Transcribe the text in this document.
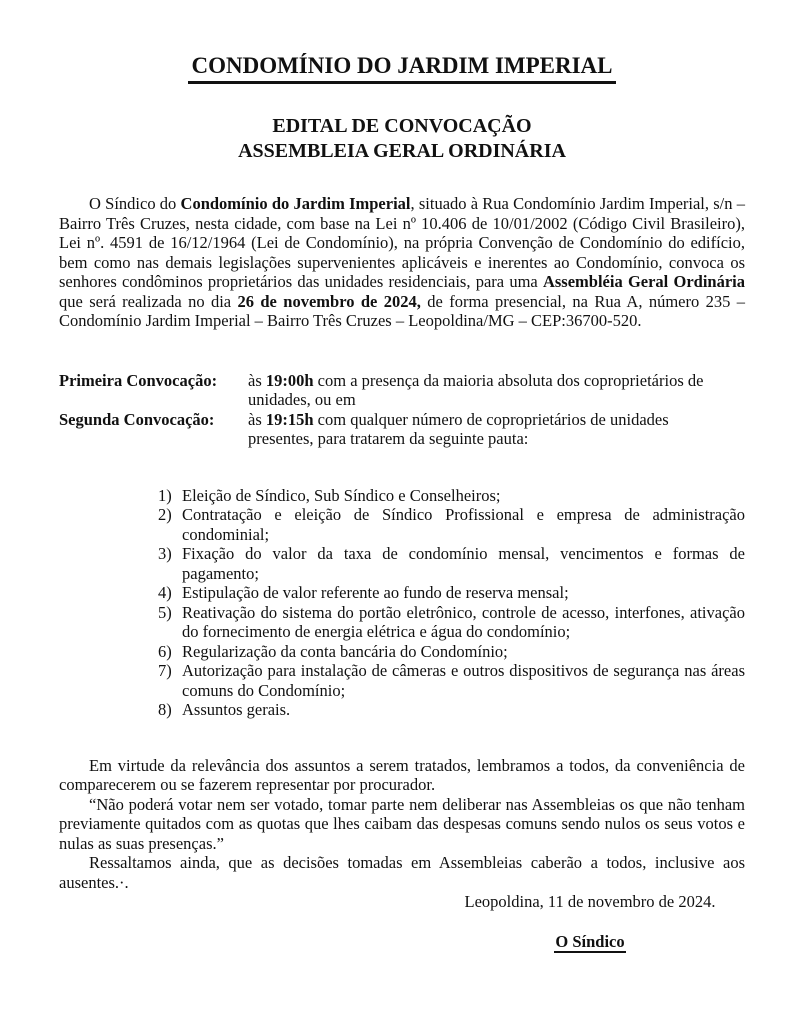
CONDOMÍNIO DO JARDIM IMPERIAL
EDITAL DE CONVOCAÇÃO
ASSEMBLEIA GERAL ORDINÁRIA

O Síndico do Condomínio do Jardim Imperial, situado à Rua Condomínio Jardim Imperial, s/n – Bairro Três Cruzes, nesta cidade, com base na Lei nº 10.406 de 10/01/2002 (Código Civil Brasileiro), Lei nº. 4591 de 16/12/1964 (Lei de Condomínio), na própria Convenção de Condomínio do edifício, bem como nas demais legislações supervenientes aplicáveis e inerentes ao Condomínio, convoca os senhores condôminos proprietários das unidades residenciais, para uma Assembléia Geral Ordinária que será realizada no dia 26 de novembro de 2024, de forma presencial, na Rua A, número 235 – Condomínio Jardim Imperial – Bairro Três Cruzes – Leopoldina/MG – CEP:36700-520.

Primeira Convocação:	às 19:00h com a presença da maioria absoluta dos coproprietários de unidades, ou em
Segunda Convocação:	às 19:15h com qualquer número de coproprietários de unidades presentes, para tratarem da seguinte pauta:
1) Eleição de Síndico, Sub Síndico e Conselheiros;
2) Contratação e eleição de Síndico Profissional e empresa de administração condominial;
3) Fixação do valor da taxa de condomínio mensal, vencimentos e formas de pagamento;
4) Estipulação de valor referente ao fundo de reserva mensal;
5) Reativação do sistema do portão eletrônico, controle de acesso, interfones, ativação do fornecimento de energia elétrica e água do condomínio;
6) Regularização da conta bancária do Condomínio;
7) Autorização para instalação de câmeras e outros dispositivos de segurança nas áreas comuns do Condomínio;
8) Assuntos gerais.

Em virtude da relevância dos assuntos a serem tratados, lembramos a todos, da conveniência de comparecerem ou se fazerem representar por procurador.

“Não poderá votar nem ser votado, tomar parte nem deliberar nas Assembleias os que não tenham previamente quitados com as quotas que lhes caibam das despesas comuns sendo nulos os seus votos e nulas as suas presenças.”

Ressaltamos ainda, que as decisões tomadas em Assembleias caberão a todos, inclusive aos ausentes.·.

Leopoldina, 11 de novembro de 2024.
O Síndico
